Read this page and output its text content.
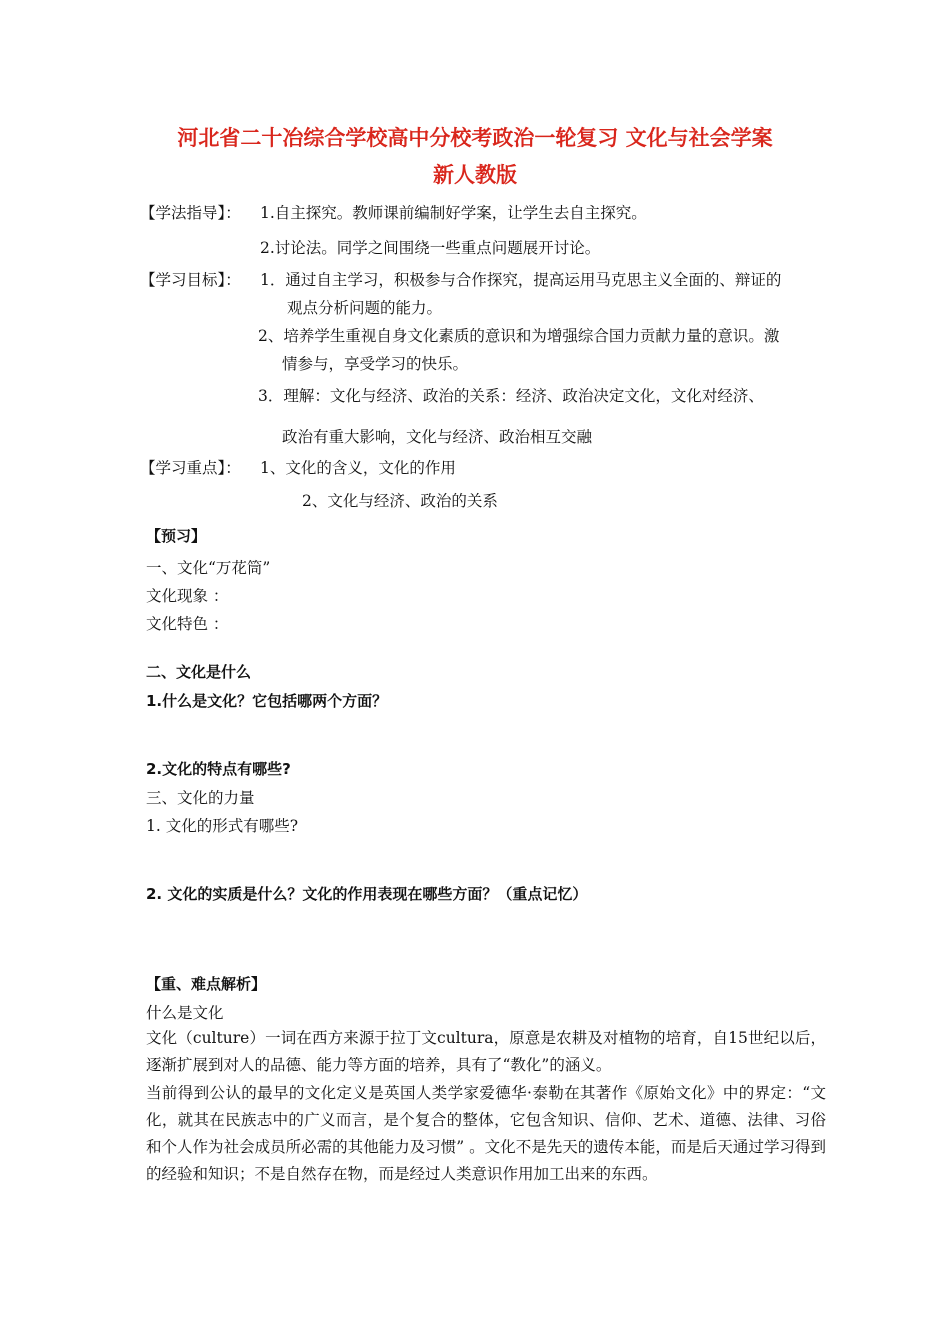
河北省二十冶综合学校高中分校考政治一轮复习 文化与社会学案
新人教版
【学法指导】： 1.自主探究。教师课前编制好学案，让学生去自主探究。
2.讨论法。同学之间围绕一些重点问题展开讨论。
【学习目标】： 1．通过自主学习，积极参与合作探究，提高运用马克思主义全面的、辩证的
观点分析问题的能力。
2、培养学生重视自身文化素质的意识和为增强综合国力贡献力量的意识。激
情参与，享受学习的快乐。
3．理解：文化与经济、政治的关系：经济、政治决定文化，文化对经济、
政治有重大影响，文化与经济、政治相互交融
【学习重点】： 1、文化的含义，文化的作用
2、文化与经济、政治的关系
【预习】
一、文化“万花筒”
文化现象 ：
文化特色 ：
二、文化是什么
1.什么是文化？它包括哪两个方面？
2.文化的特点有哪些?
三、文化的力量
1. 文化的形式有哪些?
2. 文化的实质是什么？文化的作用表现在哪些方面？（重点记忆）
【重、难点解析】
什么是文化
文化（culture）一词在西方来源于拉丁文cultura，原意是农耕及对植物的培育，自15世纪以后，逐渐扩展到对人的品德、能力等方面的培养，具有了“教化”的涵义。
当前得到公认的最早的文化定义是英国人类学家爱德华·泰勒在其著作《原始文化》中的界定：“文化，就其在民族志中的广义而言，是个复合的整体，它包含知识、信仰、艺术、道德、法律、习俗和个人作为社会成员所必需的其他能力及习惯” 。文化不是先天的遗传本能，而是后天通过学习得到的经验和知识；不是自然存在物，而是经过人类意识作用加工出来的东西。
